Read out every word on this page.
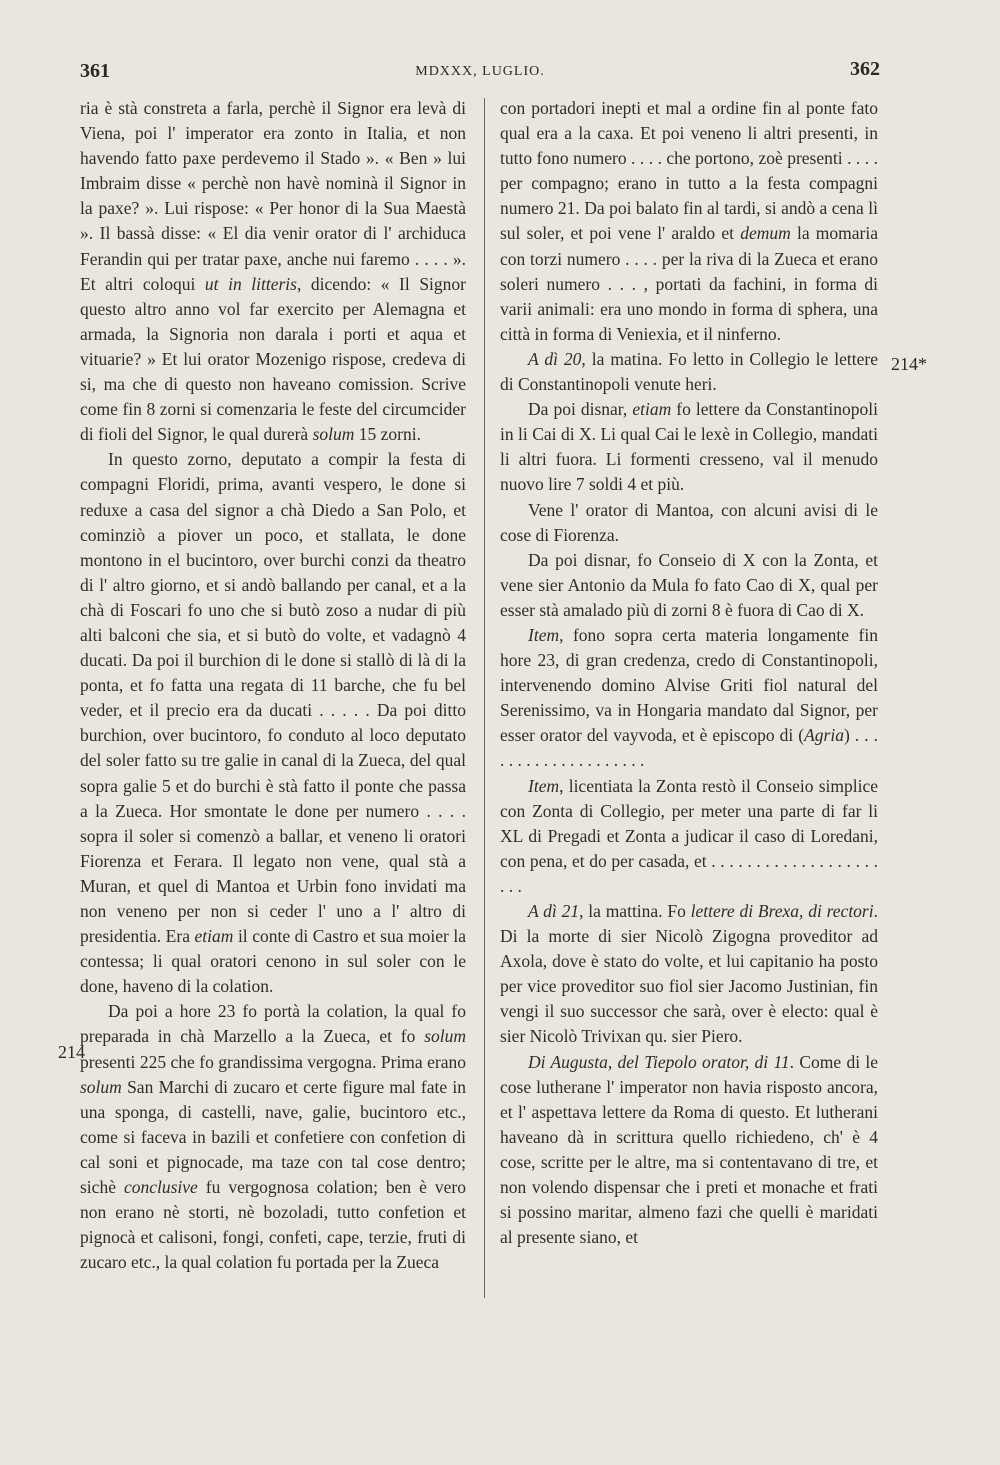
361	MDXXX, LUGLIO.	362
214
214*

ria è stà constreta a farla, perchè il Signor era levà di Viena, poi l' imperator era zonto in Italia, et non havendo fatto paxe perdevemo il Stado ». « Ben » lui Imbraim disse « perchè non havè nominà il Signor in la paxe? ». Lui rispose: « Per honor di la Sua Maestà ». Il bassà disse: « El dia venir orator di l' archiduca Ferandin qui per tratar paxe, anche nui faremo . . . . ». Et altri coloqui ut in litteris, dicendo: « Il Signor questo altro anno vol far exercito per Alemagna et armada, la Signoria non darala i porti et aqua et vituarie? » Et lui orator Mozenigo rispose, credeva di si, ma che di questo non haveano comission. Scrive come fin 8 zorni si comenzaria le feste del circumcider di fioli del Signor, le qual durerà solum 15 zorni.

In questo zorno, deputato a compir la festa di compagni Floridi, prima, avanti vespero, le done si reduxe a casa del signor a chà Diedo a San Polo, et cominziò a piover un poco, et stallata, le done montono in el bucintoro, over burchi conzi da theatro di l' altro giorno, et si andò ballando per canal, et a la chà di Foscari fo uno che si butò zoso a nudar di più alti balconi che sia, et si butò do volte, et vadagnò 4 ducati. Da poi il burchion di le done si stallò di là di la ponta, et fo fatta una regata di 11 barche, che fu bel veder, et il precio era da ducati . . . . . Da poi ditto burchion, over bucintoro, fo conduto al loco deputato del soler fatto su tre galie in canal di la Zueca, del qual sopra galie 5 et do burchi è stà fatto il ponte che passa a la Zueca. Hor smontate le done per numero . . . . sopra il soler si comenzò a ballar, et veneno li oratori Fiorenza et Ferara. Il legato non vene, qual stà a Muran, et quel di Mantoa et Urbin fono invidati ma non veneno per non si ceder l' uno a l' altro di presidentia. Era etiam il conte di Castro et sua moier la contessa; li qual oratori cenono in sul soler con le done, haveno di la colation.

Da poi a hore 23 fo portà la colation, la qual fo preparada in chà Marzello a la Zueca, et fo solum presenti 225 che fo grandissima vergogna. Prima erano solum San Marchi di zucaro et certe figure mal fate in una sponga, di castelli, nave, galie, bucintoro etc., come si faceva in bazili et confetiere con confetion di cal soni et pignocade, ma taze con tal cose dentro; sichè conclusive fu vergognosa colation; ben è vero non erano nè storti, nè bozoladi, tutto confetion et pignocà et calisoni, fongi, confeti, cape, terzie, fruti di zucaro etc., la qual colation fu portada per la Zueca

con portadori inepti et mal a ordine fin al ponte fato qual era a la caxa. Et poi veneno li altri presenti, in tutto fono numero . . . . che portono, zoè presenti . . . . per compagno; erano in tutto a la festa compagni numero 21. Da poi balato fin al tardi, si andò a cena lì sul soler, et poi vene l' araldo et demum la momaria con torzi numero . . . . per la riva di la Zueca et erano soleri numero . . . , portati da fachini, in forma di varii animali: era uno mondo in forma di sphera, una città in forma di Veniexia, et il ninferno.

A dì 20, la matina. Fo letto in Collegio le lettere di Constantinopoli venute heri.

Da poi disnar, etiam fo lettere da Constantinopoli in li Cai di X. Li qual Cai le lexè in Collegio, mandati li altri fuora. Li formenti cresseno, val il menudo nuovo lire 7 soldi 4 et più.

Vene l' orator di Mantoa, con alcuni avisi di le cose di Fiorenza.

Da poi disnar, fo Conseio di X con la Zonta, et vene sier Antonio da Mula fo fato Cao di X, qual per esser stà amalado più di zorni 8 è fuora di Cao di X.

Item, fono sopra certa materia longamente fin hore 23, di gran credenza, credo di Constantinopoli, intervenendo domino Alvise Griti fiol natural del Serenissimo, va in Hongaria mandato dal Signor, per esser orator del vayvoda, et è episcopo di (Agria) . . . . . . . . . . . . . . . . . . . .

Item, licentiata la Zonta restò il Conseio simplice con Zonta di Collegio, per meter una parte di far li XL di Pregadi et Zonta a judicar il caso di Loredani, con pena, et do per casada, et . . . . . . . . . . . . . . . . . . . . . .

A dì 21, la mattina. Fo lettere di Brexa, di rectori. Di la morte di sier Nicolò Zigogna proveditor ad Axola, dove è stato do volte, et lui capitanio ha posto per vice proveditor suo fiol sier Jacomo Justinian, fin vengi il suo successor che sarà, over è electo: qual è sier Nicolò Trivixan qu. sier Piero.

Di Augusta, del Tiepolo orator, di 11. Come di le cose lutherane l' imperator non havia risposto ancora, et l' aspettava lettere da Roma di questo. Et lutherani haveano dà in scrittura quello richiedeno, ch' è 4 cose, scritte per le altre, ma si contentavano di tre, et non volendo dispensar che i preti et monache et frati si possino maritar, almeno fazi che quelli è maridati al presente siano, et
